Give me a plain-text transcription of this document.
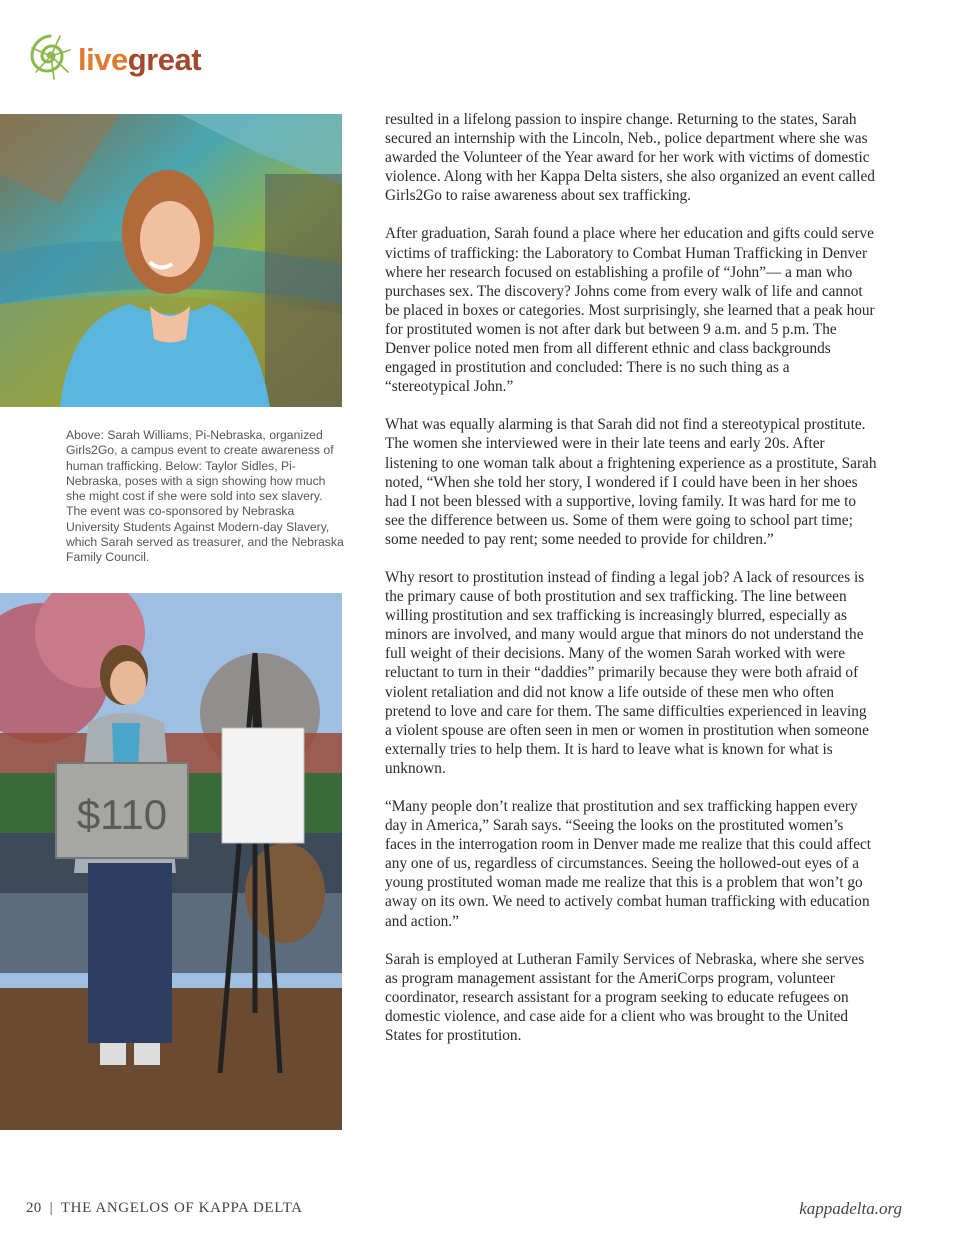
livegreat
Above: Sarah Williams, Pi-Nebraska, organized Girls2Go, a campus event to create awareness of human trafficking. Below: Taylor Sidles, Pi-Nebraska, poses with a sign showing how much she might cost if she were sold into sex slavery. The event was co-sponsored by Nebraska University Students Against Modern-day Slavery, which Sarah served as treasurer, and the Nebraska Family Council.
$110

resulted in a lifelong passion to inspire change. Returning to the states, Sarah secured an internship with the Lincoln, Neb., police department where she was awarded the Volunteer of the Year award for her work with victims of domestic violence. Along with her Kappa Delta sisters, she also organized an event called Girls2Go to raise awareness about sex trafficking.

After graduation, Sarah found a place where her education and gifts could serve victims of trafficking: the Laboratory to Combat Human Trafficking in Denver where her research focused on establishing a profile of “John”— a man who purchases sex. The discovery? Johns come from every walk of life and cannot be placed in boxes or categories. Most surprisingly, she learned that a peak hour for prostituted women is not after dark but between 9 a.m. and 5 p.m. The Denver police noted men from all different ethnic and class backgrounds engaged in prostitution and concluded: There is no such thing as a “stereotypical John.”

What was equally alarming is that Sarah did not find a stereotypical prostitute. The women she interviewed were in their late teens and early 20s. After listening to one woman talk about a frightening experience as a prostitute, Sarah noted, “When she told her story, I wondered if I could have been in her shoes had I not been blessed with a supportive, loving family. It was hard for me to see the difference between us. Some of them were going to school part time; some needed to pay rent; some needed to provide for children.”

Why resort to prostitution instead of finding a legal job? A lack of resources is the primary cause of both prostitution and sex trafficking. The line between willing prostitution and sex trafficking is increasingly blurred, especially as minors are involved, and many would argue that minors do not understand the full weight of their decisions. Many of the women Sarah worked with were reluctant to turn in their “daddies” primarily because they were both afraid of violent retaliation and did not know a life outside of these men who often pretend to love and care for them. The same difficulties experienced in leaving a violent spouse are often seen in men or women in prostitution when someone externally tries to help them. It is hard to leave what is known for what is unknown.

“Many people don’t realize that prostitution and sex trafficking happen every day in America,” Sarah says. “Seeing the looks on the prostituted women’s faces in the interrogation room in Denver made me realize that this could affect any one of us, regardless of circumstances. Seeing the hollowed-out eyes of a young prostituted woman made me realize that this is a problem that won’t go away on its own. We need to actively combat human trafficking with education and action.”

Sarah is employed at Lutheran Family Services of Nebraska, where she serves as program management assistant for the AmeriCorps program, volunteer coordinator, research assistant for a program seeking to educate refugees on domestic violence, and case aide for a client who was brought to the United States for prostitution.

20 | THE ANGELOS OF KAPPA DELTA	kappadelta.org
